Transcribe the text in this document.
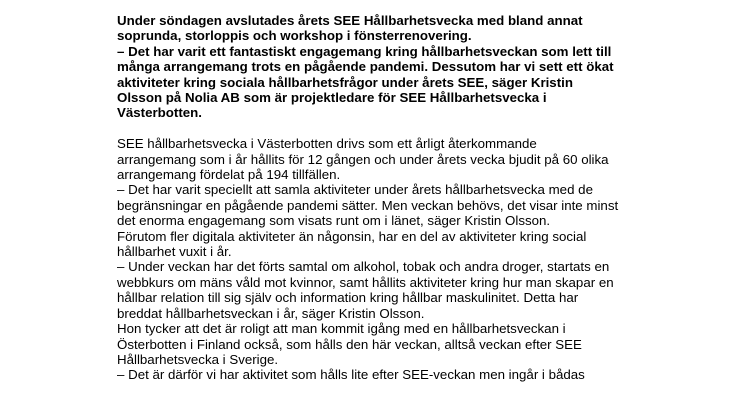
Under söndagen avslutades årets SEE Hållbarhetsvecka med bland annat
soprunda, storloppis och workshop i fönsterrenovering.
– Det har varit ett fantastiskt engagemang kring hållbarhetsveckan som lett till
många arrangemang trots en pågående pandemi. Dessutom har vi sett ett ökat
aktiviteter kring sociala hållbarhetsfrågor under årets SEE, säger Kristin
Olsson på Nolia AB som är projektledare för SEE Hållbarhetsvecka i
Västerbotten.
SEE hållbarhetsvecka i Västerbotten drivs som ett årligt återkommande
arrangemang som i år hållits för 12 gången och under årets vecka bjudit på 60 olika
arrangemang fördelat på 194 tillfällen.
– Det har varit speciellt att samla aktiviteter under årets hållbarhetsvecka med de
begränsningar en pågående pandemi sätter. Men veckan behövs, det visar inte minst
det enorma engagemang som visats runt om i länet, säger Kristin Olsson.
Förutom fler digitala aktiviteter än någonsin, har en del av aktiviteter kring social
hållbarhet vuxit i år.
– Under veckan har det förts samtal om alkohol, tobak och andra droger, startats en
webbkurs om mäns våld mot kvinnor, samt hållits aktiviteter kring hur man skapar en
hållbar relation till sig själv och information kring hållbar maskulinitet. Detta har
breddat hållbarhetsveckan i år, säger Kristin Olsson.
Hon tycker att det är roligt att man kommit igång med en hållbarhetsveckan i
Österbotten i Finland också, som hålls den här veckan, alltså veckan efter SEE
Hållbarhetsvecka i Sverige.
– Det är därför vi har aktivitet som hålls lite efter SEE-veckan men ingår i bådas
